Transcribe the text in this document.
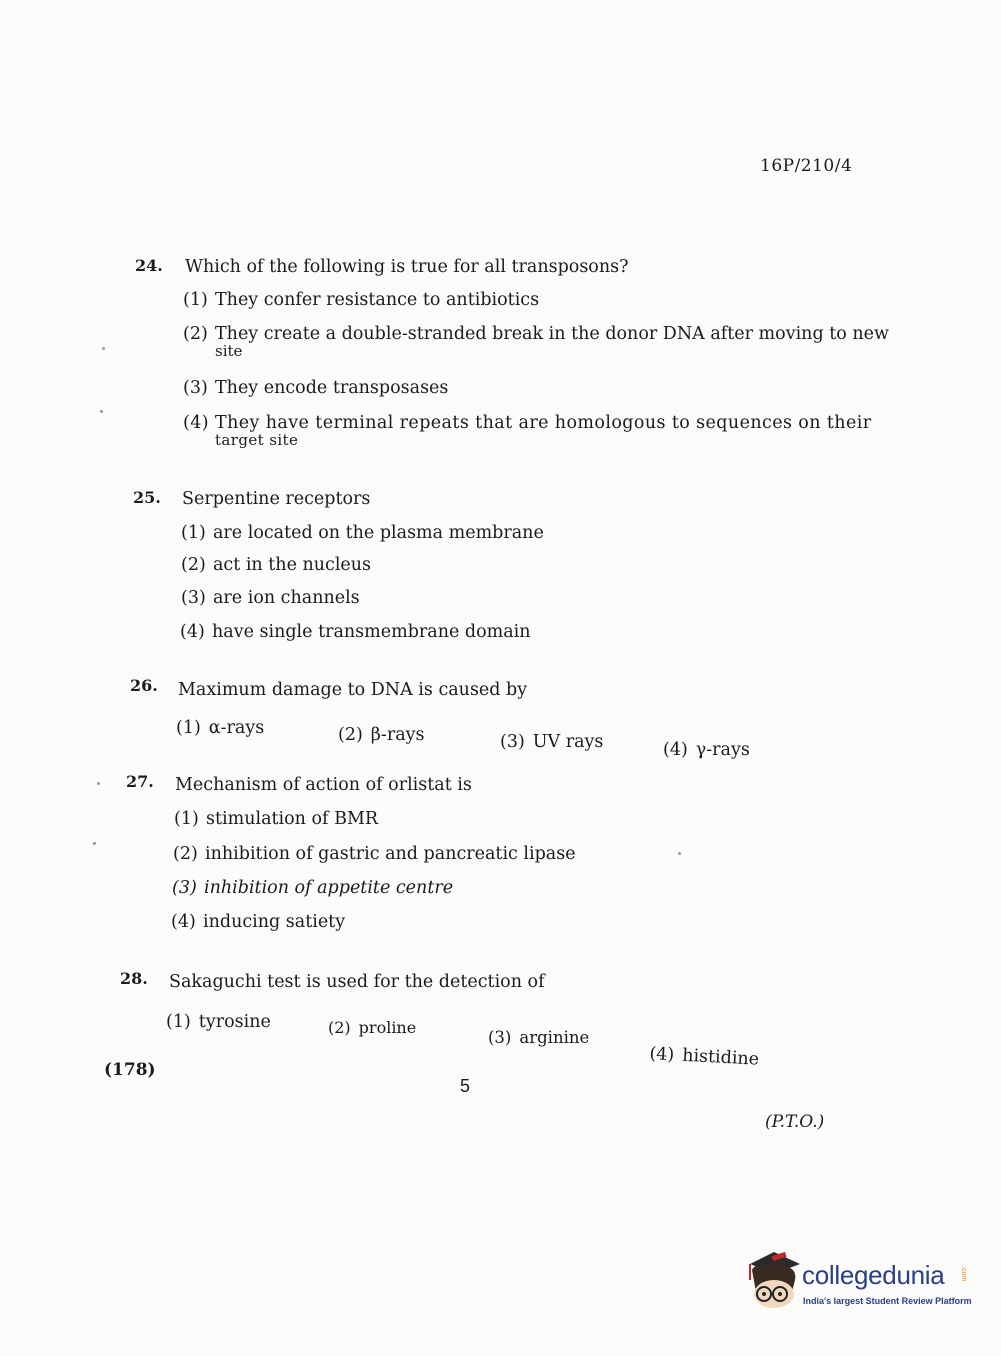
16P/210/4
24. Which of the following is true for all transposons?
(1) They confer resistance to antibiotics
(2) They create a double-stranded break in the donor DNA after moving to new
site
(3) They encode transposases
(4) They have terminal repeats that are homologous to sequences on their
target site
25. Serpentine receptors
(1) are located on the plasma membrane
(2) act in the nucleus
(3) are ion channels
(4) have single transmembrane domain
26. Maximum damage to DNA is caused by
(1) α-rays	(2) β-rays	(3) UV rays	(4) γ-rays
27. Mechanism of action of orlistat is
(1) stimulation of BMR
(2) inhibition of gastric and pancreatic lipase
(3) inhibition of appetite centre
(4) inducing satiety
28. Sakaguchi test is used for the detection of
(1) tyrosine	(2) proline
(3) arginine
(4) histidine
(178)
5
(P.T.O.)
collegedunia .com
India's largest Student Review Platform
